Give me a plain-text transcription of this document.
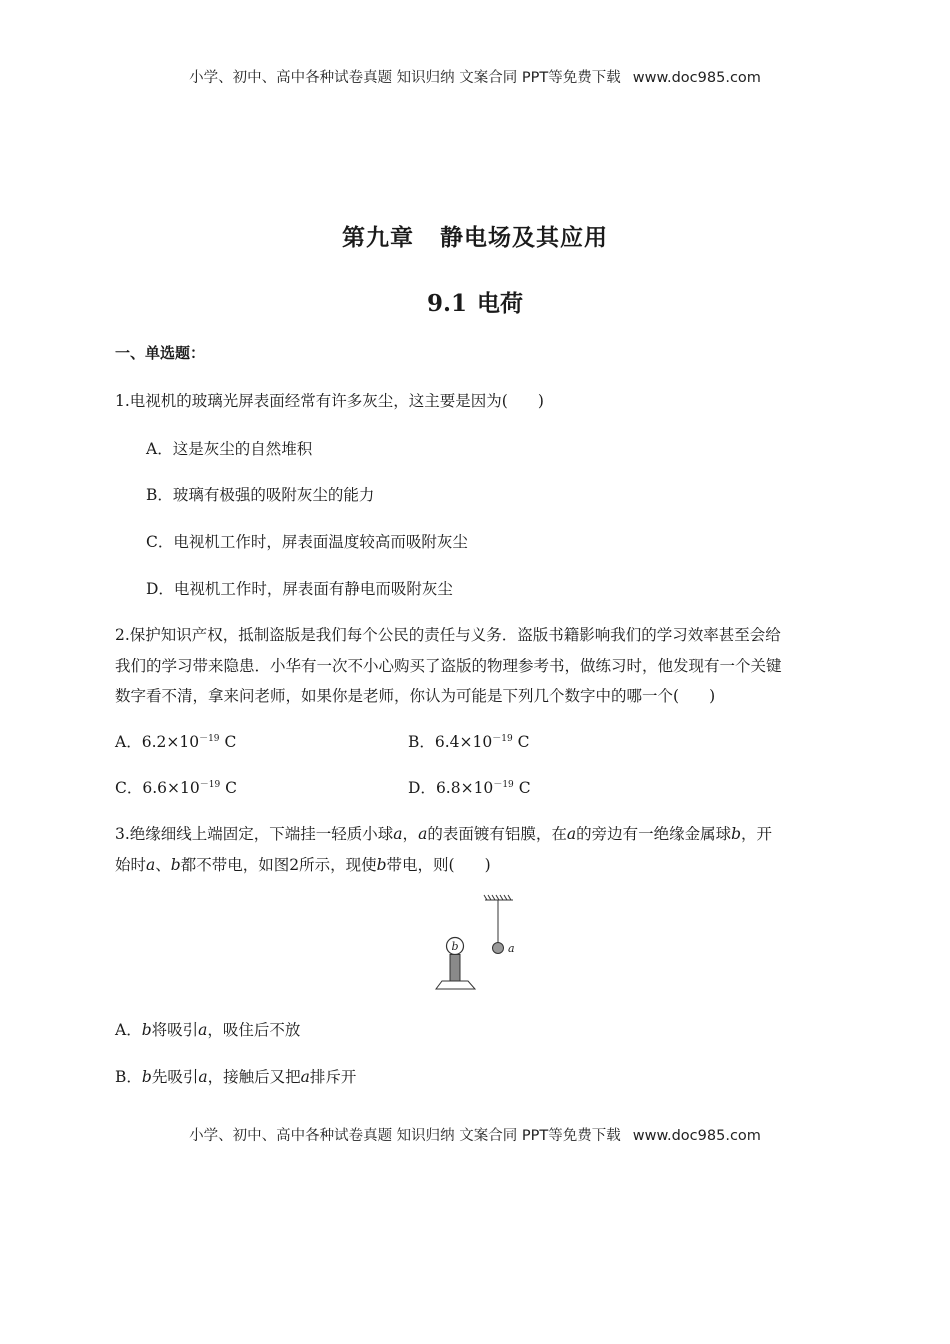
小学、初中、高中各种试卷真题 知识归纳 文案合同 PPT等免费下载 www.doc985.com
第九章 静电场及其应用
9.1 电荷
一、单选题：
1.电视机的玻璃光屏表面经常有许多灰尘，这主要是因为( )
A．这是灰尘的自然堆积
B．玻璃有极强的吸附灰尘的能力
C．电视机工作时，屏表面温度较高而吸附灰尘
D．电视机工作时，屏表面有静电而吸附灰尘
2.保护知识产权，抵制盗版是我们每个公民的责任与义务．盗版书籍影响我们的学习效率甚至会给
我们的学习带来隐患．小华有一次不小心购买了盗版的物理参考书，做练习时，他发现有一个关键
数字看不清，拿来问老师，如果你是老师，你认为可能是下列几个数字中的哪一个( )
A．$6.2\times 10^{-19}$ C	B．$6.4\times 10^{-19}$ C
C．$6.6\times 10^{-19}$ C	D．$6.8\times 10^{-19}$ C
3.绝缘细线上端固定，下端挂一轻质小球a，a的表面镀有铝膜，在a的旁边有一绝缘金属球b，开
始时a、b都不带电，如图2所示，现使b带电，则( )
a
b
A．b将吸引a，吸住后不放
B．b先吸引a，接触后又把a排斥开
小学、初中、高中各种试卷真题 知识归纳 文案合同 PPT等免费下载 www.doc985.com
